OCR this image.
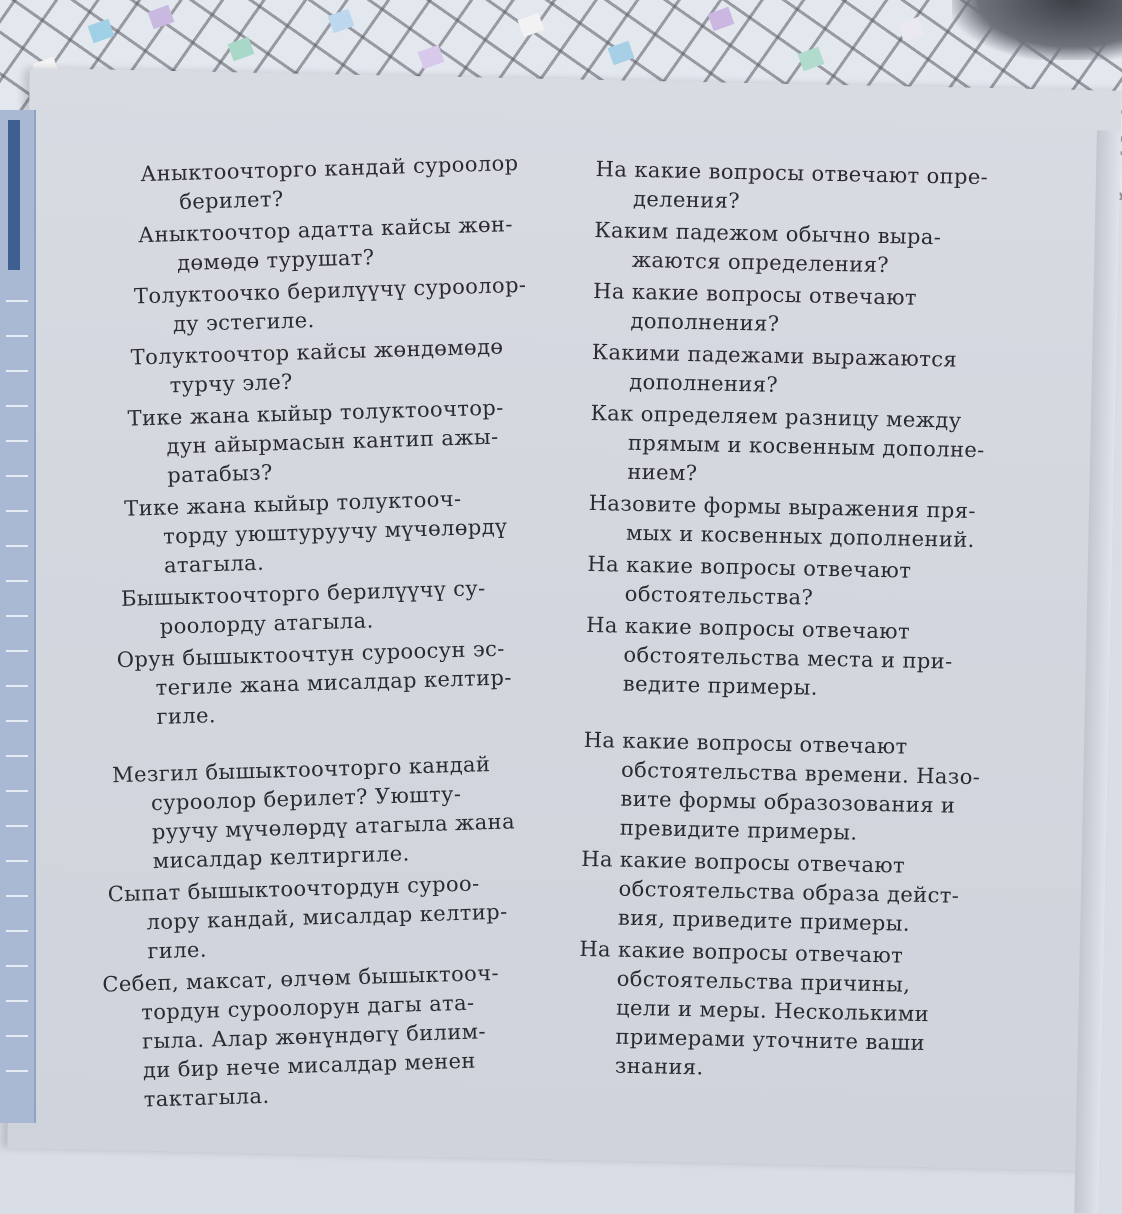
Аныктоочторго кандай суроолор
берилет?

Аныктоочтор адатта кайсы жөн-
дөмөдө турушат?

Толуктоочко берилүүчү суроолор-
ду эстегиле.

Толуктоочтор кайсы жөндөмөдө
турчу эле?

Тике жана кыйыр толуктоочтор-
дун айырмасын кантип ажы-
ратабыз?

Тике жана кыйыр толуктооч-
торду уюштуруучу мүчөлөрдү
атагыла.

Бышыктоочторго берилүүчү су-
роолорду атагыла.

Орун бышыктоочтун суроосун эс-
тегиле жана мисалдар келтир-
гиле.

Мезгил бышыктоочторго кандай
суроолор берилет? Уюшту-
руучу мүчөлөрдү атагыла жана
мисалдар келтиргиле.

Сыпат бышыктоочтордун суроо-
лору кандай, мисалдар келтир-
гиле.

Себеп, максат, өлчөм бышыктооч-
тордун суроолорун дагы ата-
гыла. Алар жөнүндөгү билим-
ди бир нече мисалдар менен
тактагыла.

На какие вопросы отвечают опре-
деления?

Каким падежом обычно выра-
жаются определения?

На какие вопросы отвечают
дополнения?

Какими падежами выражаются
дополнения?

Как определяем разницу между
прямым и косвенным дополне-
нием?

Назовите формы выражения пря-
мых и косвенных дополнений.

На какие вопросы отвечают
обстоятельства?

На какие вопросы отвечают
обстоятельства места и при-
ведите примеры.

На какие вопросы отвечают
обстоятельства времени. Назо-
вите формы образозования и
превидите примеры.

На какие вопросы отвечают
обстоятельства образа дейст-
вия, приведите примеры.

На какие вопросы отвечают
обстоятельства причины,
цели и меры. Несколькими
примерами уточните ваши
знания.
